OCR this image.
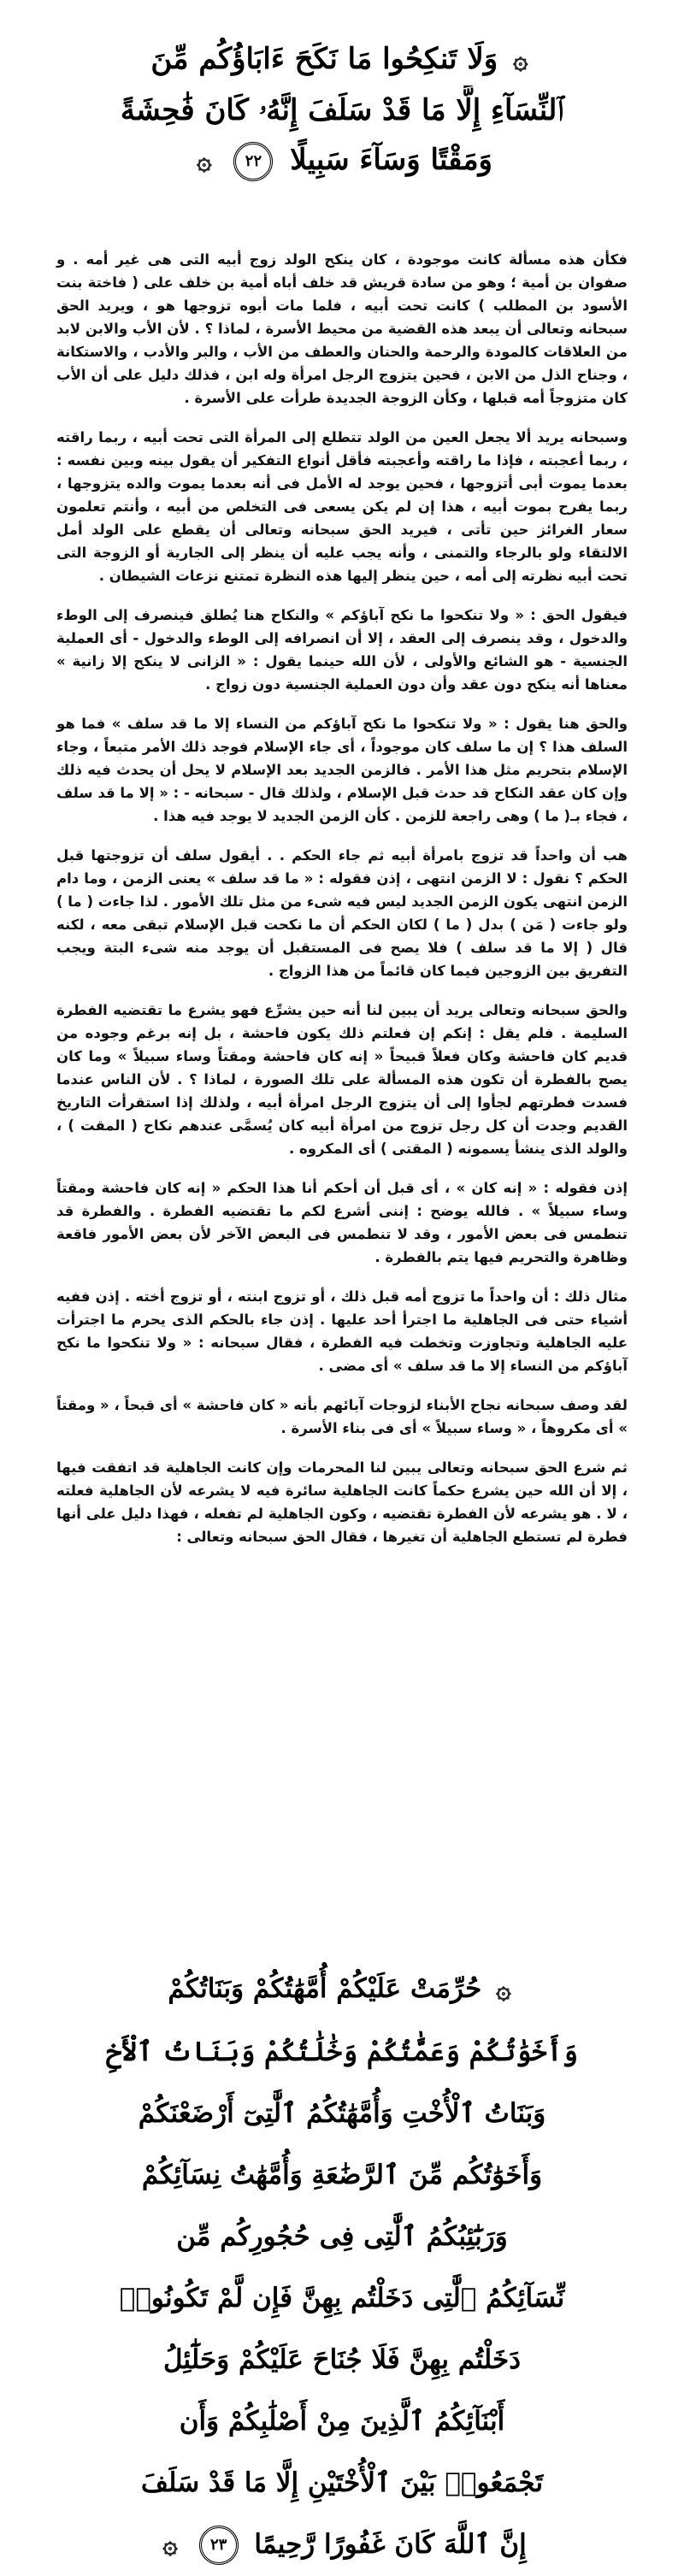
۞ وَلَا تَنكِحُوا مَا نَكَحَ ءَابَاؤُكُم مِّنَ
ٱلنِّسَآءِ إِلَّا مَا قَدْ سَلَفَ إِنَّهُۥ كَانَ فَٰحِشَةً
وَمَقْتًا وَسَآءَ سَبِيلًا ٢٢ ۞

فكأن هذه مسألة كانت موجودة ، كان ينكح الولد زوج أبيه التى هى غير أمه . و صفوان بن أمية ؛ وهو من سادة قريش قد خلف أباه أمية بن خلف على ( فاختة بنت الأسود بن المطلب ) كانت تحت أبيه ، فلما مات أبوه تزوجها هو ، ويريد الحق سبحانه وتعالى أن يبعد هذه القضية من محيط الأسرة ، لماذا ؟ . لأن الأب والابن لابد من العلاقات كالمودة والرحمة والحنان والعطف من الأب ، والبر والأدب ، والاستكانة ، وجناح الذل من الابن ، فحين يتزوج الرجل امرأة وله ابن ، فذلك دليل على أن الأب كان متزوجاً أمه قبلها ، وكأن الزوجة الجديدة طرأت على الأسرة .

وسبحانه يريد ألا يجعل العين من الولد تتطلع إلى المرأة التى تحت أبيه ، ربما راقته ، ربما أعجبته ، فإذا ما راقته وأعجبته فأقل أنواع التفكير أن يقول بينه وبين نفسه : بعدما يموت أبى أتزوجها ، فحين يوجد له الأمل فى أنه بعدما يموت والده يتزوجها ، ربما يفرح بموت أبيه ، هذا إن لم يكن يسعى فى التخلص من أبيه ، وأنتم تعلمون سعار الغرائز حين تأتى ، فيريد الحق سبحانه وتعالى أن يقطع على الولد أمل الالتقاء ولو بالرجاء والتمنى ، وأنه يجب عليه أن ينظر إلى الجارية أو الزوجة التى تحت أبيه نظرته إلى أمه ، حين ينظر إليها هذه النظرة تمتنع نزعات الشيطان .

فيقول الحق : « ولا تنكحوا ما نكح آباؤكم » والنكاح هنا يُطلق فينصرف إلى الوطء والدخول ، وقد ينصرف إلى العقد ، إلا أن انصرافه إلى الوطء والدخول - أى العملية الجنسية - هو الشائع والأولى ، لأن الله حينما يقول : « الزانى لا ينكح إلا زانية » معناها أنه ينكح دون عقد وأن دون العملية الجنسية دون زواج .

والحق هنا يقول : « ولا تنكحوا ما نكح آباؤكم من النساء إلا ما قد سلف » فما هو السلف هذا ؟ إن ما سلف كان موجوداً ، أى جاء الإسلام فوجد ذلك الأمر متبعاً ، وجاء الإسلام بتحريم مثل هذا الأمر . فالزمن الجديد بعد الإسلام لا يحل أن يحدث فيه ذلك وإن كان عقد النكاح قد حدث قبل الإسلام ، ولذلك قال - سبحانه - : « إلا ما قد سلف ، فجاء بـ( ما ) وهى راجعة للزمن . كأن الزمن الجديد لا يوجد فيه هذا .

هب أن واحداً قد تزوج بامرأة أبيه ثم جاء الحكم . . أيقول سلف أن تزوجتها قبل الحكم ؟ نقول : لا الزمن انتهى ، إذن فقوله : « ما قد سلف » يعنى الزمن ، وما دام الزمن انتهى يكون الزمن الجديد ليس فيه شىء من مثل تلك الأمور . لذا جاءت ( ما ) ولو جاءت ( مَن ) بدل ( ما ) لكان الحكم أن ما نكحت قبل الإسلام تبقى معه ، لكنه قال ( إلا ما قد سلف ) فلا يصح فى المستقبل أن يوجد منه شىء البتة ويجب التفريق بين الزوجين فيما كان قائماً من هذا الزواج .

والحق سبحانه وتعالى يريد أن يبين لنا أنه حين يشرِّع فهو يشرع ما تقتضيه الفطرة السليمة . فلم يقل : إنكم إن فعلتم ذلك يكون فاحشة ، بل إنه برغم وجوده من قديم كان فاحشة وكان فعلاً قبيحاً « إنه كان فاحشة ومقتاً وساء سبيلاً » وما كان يصح بالفطرة أن تكون هذه المسألة على تلك الصورة ، لماذا ؟ . لأن الناس عندما فسدت فطرتهم لجأوا إلى أن يتزوج الرجل امرأة أبيه ، ولذلك إذا استقرأت التاريخ القديم وجدت أن كل رجل تزوج من امرأة أبيه كان يُسمَّى عندهم نكاح ( المقت ) ، والولد الذى ينشأ يسمونه ( المقتى ) أى المكروه .

إذن فقوله : « إنه كان » ، أى قبل أن أحكم أنا هذا الحكم « إنه كان فاحشة ومقتاً وساء سبيلاً » . فالله يوضح : إننى أشرع لكم ما تقتضيه الفطرة . والفطرة قد تنطمس فى بعض الأمور ، وقد لا تنطمس فى البعض الآخر لأن بعض الأمور فاقعة وظاهرة والتحريم فيها يتم بالفطرة .

مثال ذلك : أن واحداً ما تزوج أمه قبل ذلك ، أو تزوج ابنته ، أو تزوج أخته . إذن ففيه أشياء حتى فى الجاهلية ما اجترأ أحد عليها . إذن جاء بالحكم الذى يحرم ما اجترأت عليه الجاهلية وتجاوزت وتخطت فيه الفطرة ، فقال سبحانه : « ولا تنكحوا ما نكح آباؤكم من النساء إلا ما قد سلف » أى مضى .

لقد وصف سبحانه نجاح الأبناء لزوجات آبائهم بأنه « كان فاحشة » أى قبحاً ، « ومقتاً » أى مكروهاً ، « وساء سبيلاً » أى فى بناء الأسرة .

ثم شرع الحق سبحانه وتعالى يبين لنا المحرمات وإن كانت الجاهلية قد اتفقت فيها ، إلا أن الله حين يشرع حكماً كانت الجاهلية سائرة فيه لا يشرعه لأن الجاهلية فعلته ، لا . هو يشرعه لأن الفطرة تقتضيه ، وكون الجاهلية لم تفعله ، فهذا دليل على أنها فطرة لم تستطع الجاهلية أن تغيرها ، فقال الحق سبحانه وتعالى :

۞ حُرِّمَتْ عَلَيْكُمْ أُمَّهَٰتُكُمْ وَبَنَاتُكُمْ
وَأَخَوَٰتُكُمْ وَعَمَّٰتُكُمْ وَخَٰلَٰتُكُمْ وَبَنَاتُ ٱلْأَخِ
وَبَنَاتُ ٱلْأُخْتِ وَأُمَّهَٰتُكُمُ ٱلَّٰتِىٓ أَرْضَعْنَكُمْ
وَأَخَوَٰتُكُم مِّنَ ٱلرَّضَٰعَةِ وَأُمَّهَٰتُ نِسَآئِكُمْ
وَرَبَٰٓئِبُكُمُ ٱلَّٰتِى فِى حُجُورِكُم مِّن
نِّسَآئِكُمُ ٱلَّٰتِى دَخَلْتُم بِهِنَّ فَإِن لَّمْ تَكُونُوا۟
دَخَلْتُم بِهِنَّ فَلَا جُنَاحَ عَلَيْكُمْ وَحَلَٰٓئِلُ
أَبْنَآئِكُمُ ٱلَّذِينَ مِنْ أَصْلَٰبِكُمْ وَأَن
تَجْمَعُوا۟ بَيْنَ ٱلْأُخْتَيْنِ إِلَّا مَا قَدْ سَلَفَ
إِنَّ ٱللَّهَ كَانَ غَفُورًا رَّحِيمًا ٢٣ ۞
